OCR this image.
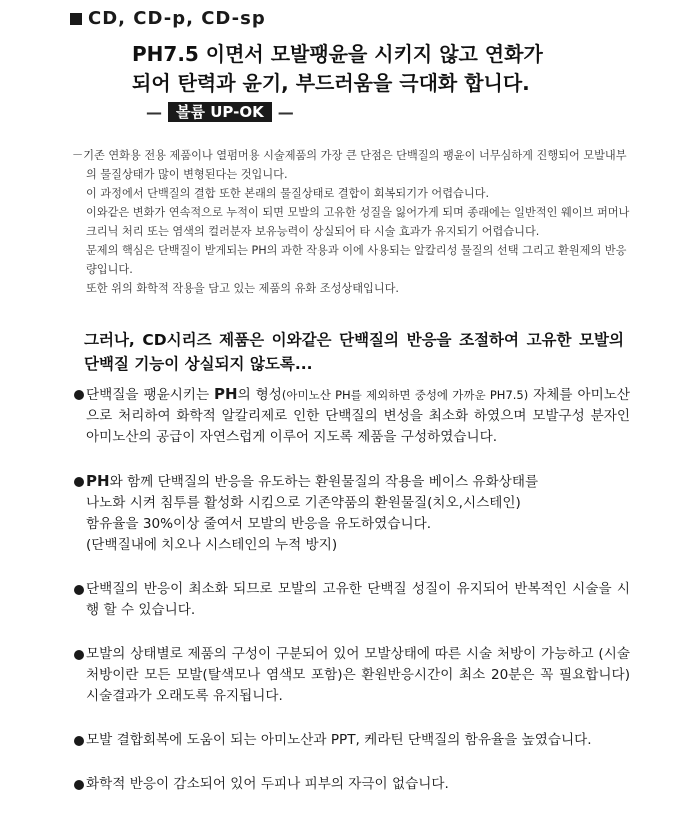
CD, CD-p, CD-sp
PH7.5 이면서 모발팽윤을 시키지 않고 연화가
되어 탄력과 윤기, 부드러움을 극대화 합니다.
— 볼륨 UP-OK —

－기존 연화용 전용 제품이나 열펌머용 시술제품의 가장 큰 단점은 단백질의 팽윤이 너무심하게 진행되어 모발내부의 물질상태가 많이 변형된다는 것입니다.

이 과정에서 단백질의 결합 또한 본래의 물질상태로 결합이 회복되기가 어렵습니다.

이와같은 변화가 연속적으로 누적이 되면 모발의 고유한 성질을 잃어가게 되며 종래에는 일반적인 웨이브 퍼머나 크리닉 처리 또는 염색의 컬러분자 보유능력이 상실되어 타 시술 효과가 유지되기 어렵습니다.

문제의 핵심은 단백질이 받게되는 PH의 과한 작용과 이에 사용되는 알칼리성 물질의 선택 그리고 환원제의 반응량입니다.

또한 위의 화학적 작용을 담고 있는 제품의 유화 조성상태입니다.

그러나, CD시리즈 제품은 이와같은 단백질의 반응을 조절하여 고유한 모발의 단백질 기능이 상실되지 않도록...
단백질을 팽윤시키는 PH의 형성(아미노산 PH를 제외하면 중성에 가까운 PH7.5) 자체를 아미노산으로 처리하여 화학적 알칼리제로 인한 단백질의 변성을 최소화 하였으며 모발구성 분자인 아미노산의 공급이 자연스럽게 이루어 지도록 제품을 구성하였습니다.
PH와 함께 단백질의 반응을 유도하는 환원물질의 작용을 베이스 유화상태를
나노화 시켜 침투를 활성화 시킴으로 기존약품의 환원물질(치오,시스테인)
함유율을 30%이상 줄여서 모발의 반응을 유도하였습니다.
(단백질내에 치오나 시스테인의 누적 방지)
단백질의 반응이 최소화 되므로 모발의 고유한 단백질 성질이 유지되어 반복적인 시술을 시행 할 수 있습니다.
모발의 상태별로 제품의 구성이 구분되어 있어 모발상태에 따른 시술 처방이 가능하고 (시술처방이란 모든 모발(탈색모나 염색모 포함)은 환원반응시간이 최소 20분은 꼭 필요합니다) 시술결과가 오래도록 유지됩니다.
모발 결합회복에 도움이 되는 아미노산과 PPT, 케라틴 단백질의 함유율을 높였습니다.
화학적 반응이 감소되어 있어 두피나 피부의 자극이 없습니다.
